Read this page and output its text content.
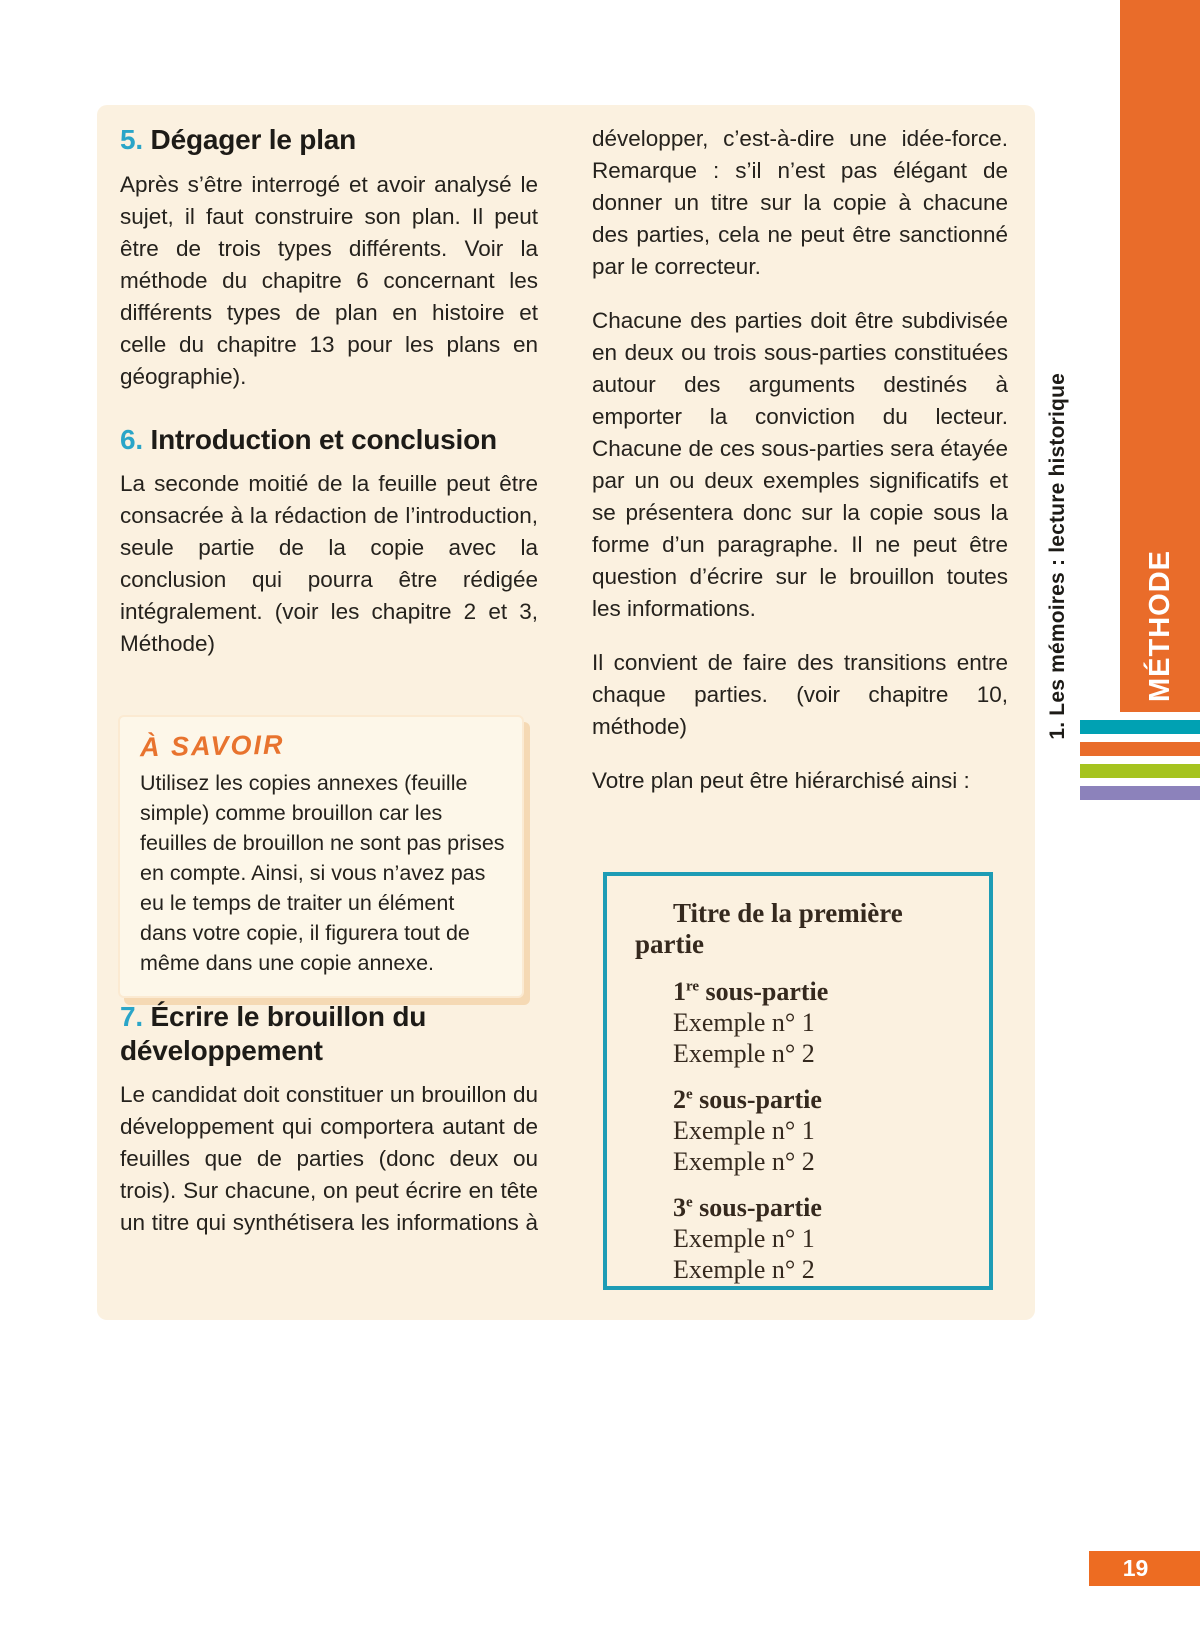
5. Dégager le plan

Après s’être interrogé et avoir analysé le sujet, il faut construire son plan. Il peut être de trois types différents. Voir la méthode du chapitre 6 concernant les différents types de plan en histoire et celle du chapitre 13 pour les plans en géographie).

6. Introduction et conclusion

La seconde moitié de la feuille peut être consacrée à la rédaction de l’introduction, seule partie de la copie avec la conclusion qui pourra être rédigée intégralement. (voir les chapitre 2 et 3, Méthode)

À SAVOIR

Utilisez les copies annexes (feuille simple) comme brouillon car les feuilles de brouillon ne sont pas prises en compte. Ainsi, si vous n’avez pas eu le temps de traiter un élément dans votre copie, il figurera tout de même dans une copie annexe.

7. Écrire le brouillon du développement

Le candidat doit constituer un brouillon du développement qui comportera autant de feuilles que de parties (donc deux ou trois). Sur chacune, on peut écrire en tête un titre qui synthétisera les informations à

développer, c’est-à-dire une idée-force. Remarque : s’il n’est pas élégant de donner un titre sur la copie à chacune des parties, cela ne peut être sanctionné par le correcteur.

Chacune des parties doit être subdivisée en deux ou trois sous-parties constituées autour des arguments destinés à emporter la conviction du lecteur. Chacune de ces sous-parties sera étayée par un ou deux exemples significatifs et se présentera donc sur la copie sous la forme d’un paragraphe. Il ne peut être question d’écrire sur le brouillon toutes les informations.

Il convient de faire des transitions entre chaque parties. (voir chapitre 10, méthode)

Votre plan peut être hiérarchisé ainsi :

Titre de la première partie
1re sous-partie
Exemple n° 1
Exemple n° 2
2e sous-partie
Exemple n° 1
Exemple n° 2
3e sous-partie
Exemple n° 1
Exemple n° 2
1. Les mémoires : lecture historique	MÉTHODE
19
